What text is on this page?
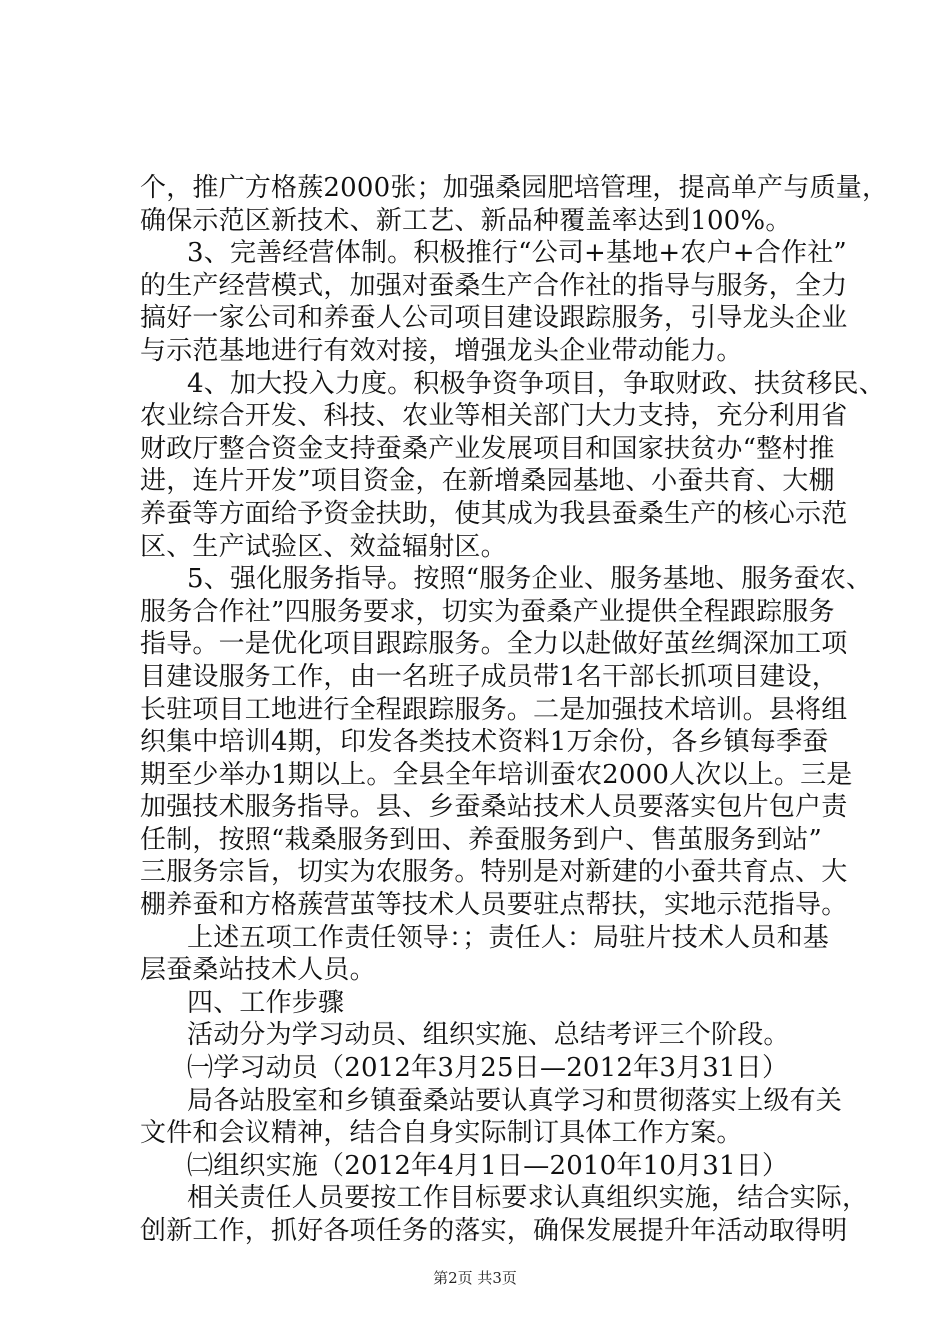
个，推广方格蔟2000张；加强桑园肥培管理，提高单产与质量，
确保示范区新技术、新工艺、新品种覆盖率达到100%。
3、完善经营体制。积极推行“公司+基地+农户+合作社”
的生产经营模式，加强对蚕桑生产合作社的指导与服务，全力
搞好一家公司和养蚕人公司项目建设跟踪服务，引导龙头企业
与示范基地进行有效对接，增强龙头企业带动能力。
4、加大投入力度。积极争资争项目，争取财政、扶贫移民、
农业综合开发、科技、农业等相关部门大力支持，充分利用省
财政厅整合资金支持蚕桑产业发展项目和国家扶贫办“整村推
进，连片开发”项目资金，在新增桑园基地、小蚕共育、大棚
养蚕等方面给予资金扶助，使其成为我县蚕桑生产的核心示范
区、生产试验区、效益辐射区。
5、强化服务指导。按照“服务企业、服务基地、服务蚕农、
服务合作社”四服务要求，切实为蚕桑产业提供全程跟踪服务
指导。一是优化项目跟踪服务。全力以赴做好茧丝绸深加工项
目建设服务工作，由一名班子成员带1名干部长抓项目建设，
长驻项目工地进行全程跟踪服务。二是加强技术培训。县将组
织集中培训4期，印发各类技术资料1万余份，各乡镇每季蚕
期至少举办1期以上。全县全年培训蚕农2000人次以上。三是
加强技术服务指导。县、乡蚕桑站技术人员要落实包片包户责
任制，按照“栽桑服务到田、养蚕服务到户、售茧服务到站”
三服务宗旨，切实为农服务。特别是对新建的小蚕共育点、大
棚养蚕和方格蔟营茧等技术人员要驻点帮扶，实地示范指导。
上述五项工作责任领导：；责任人：局驻片技术人员和基
层蚕桑站技术人员。
四、工作步骤
活动分为学习动员、组织实施、总结考评三个阶段。
㈠学习动员（2012年3月25日—2012年3月31日）
局各站股室和乡镇蚕桑站要认真学习和贯彻落实上级有关
文件和会议精神，结合自身实际制订具体工作方案。
㈡组织实施（2012年4月1日—2010年10月31日）
相关责任人员要按工作目标要求认真组织实施，结合实际，
创新工作，抓好各项任务的落实，确保发展提升年活动取得明
第2页 共3页
